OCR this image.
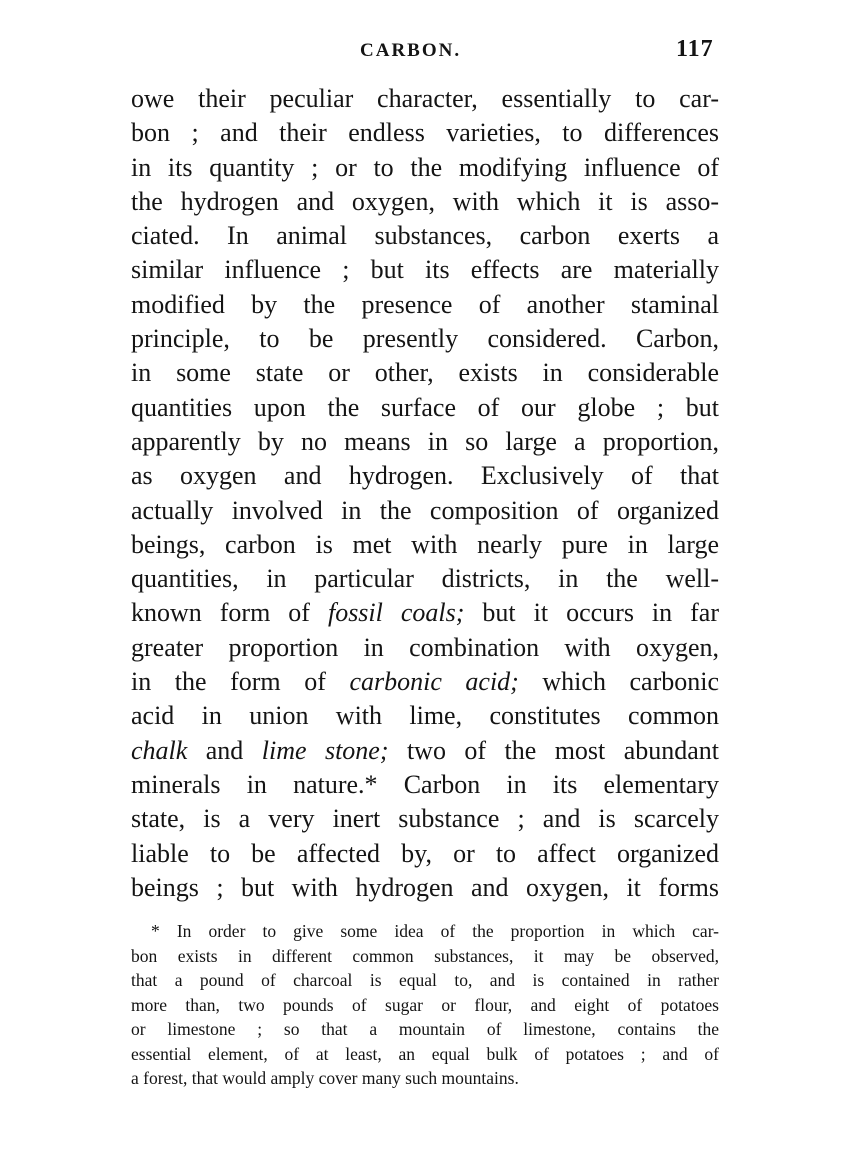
CARBON.	117
owe their peculiar character, essentially to car-
bon ; and their endless varieties, to differences
in its quantity ; or to the modifying influence of
the hydrogen and oxygen, with which it is asso-
ciated. In animal substances, carbon exerts a
similar influence ; but its effects are materially
modified by the presence of another staminal
principle, to be presently considered. Carbon,
in some state or other, exists in considerable
quantities upon the surface of our globe ; but
apparently by no means in so large a proportion,
as oxygen and hydrogen. Exclusively of that
actually involved in the composition of organized
beings, carbon is met with nearly pure in large
quantities, in particular districts, in the well-
known form of fossil coals; but it occurs in far
greater proportion in combination with oxygen,
in the form of carbonic acid; which carbonic
acid in union with lime, constitutes common
chalk and lime stone; two of the most abundant
minerals in nature.* Carbon in its elementary
state, is a very inert substance ; and is scarcely
liable to be affected by, or to affect organized
beings ; but with hydrogen and oxygen, it forms
* In order to give some idea of the proportion in which car-
bon exists in different common substances, it may be observed,
that a pound of charcoal is equal to, and is contained in rather
more than, two pounds of sugar or flour, and eight of potatoes
or limestone ; so that a mountain of limestone, contains the
essential element, of at least, an equal bulk of potatoes ; and of
a forest, that would amply cover many such mountains.
